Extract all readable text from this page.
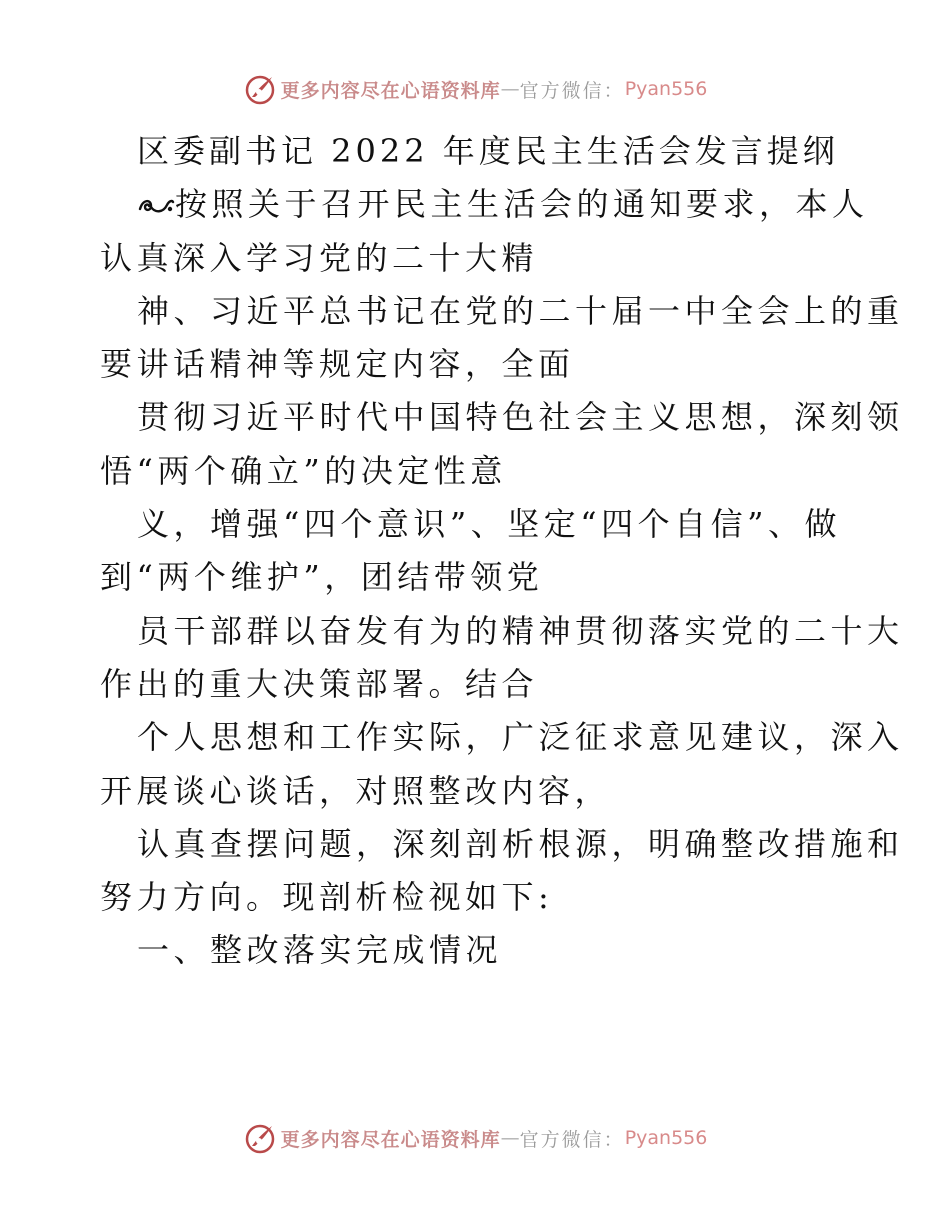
更多内容尽在心语资料库 — 官方微信： Pyan556

区委副书记 2022 年度民主生活会发言提纲

按照关于召开民主生活会的通知要求，本人

认真深入学习党的二十大精

神、习近平总书记在党的二十届一中全会上的重

要讲话精神等规定内容，全面

贯彻习近平时代中国特色社会主义思想，深刻领

悟“两个确立”的决定性意

义，增强“四个意识”、坚定“四个自信”、做

到“两个维护”，团结带领党

员干部群以奋发有为的精神贯彻落实党的二十大

作出的重大决策部署。结合

个人思想和工作实际，广泛征求意见建议，深入

开展谈心谈话，对照整改内容，

认真查摆问题，深刻剖析根源，明确整改措施和

努力方向。现剖析检视如下:

一、整改落实完成情况

更多内容尽在心语资料库 — 官方微信： Pyan556
